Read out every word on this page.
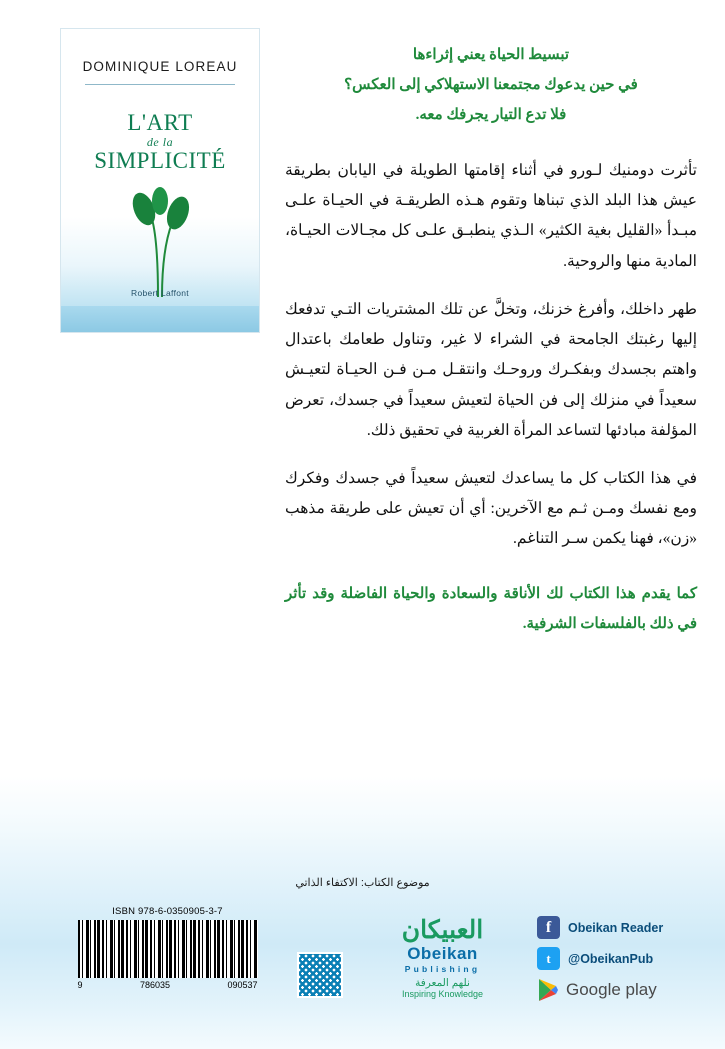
DOMINIQUE LOREAU
L'ART
de la
SIMPLICITÉ
Robert Laffont
تبسيط الحياة يعني إثراءها
في حين يدعوك مجتمعنا الاستهلاكي إلى العكس؟
فلا تدع التيار يجرفك معه.

تأثرت دومنيك لـورو في أثناء إقامتها الطويلة في اليابان بطريقة عيش هذا البلد الذي تبناها وتقوم هـذه الطريقـة في الحيـاة علـى مبـدأ «القليل بغية الكثير» الـذي ينطبـق علـى كل مجـالات الحيـاة، المادية منها والروحية.

طهر داخلك، وأفرغ خزنك، وتخلَّ عن تلك المشتريات التـي تدفعك إليها رغبتك الجامحة في الشراء لا غير، وتناول طعامك باعتدال واهتم بجسدك وبفكـرك وروحـك وانتقـل مـن فـن الحيـاة لتعيـش سعيداً في منزلك إلى فن الحياة لتعيش سعيداً في جسدك، تعرض المؤلفة مبادئها لتساعد المرأة الغربية في تحقيق ذلك.

في هذا الكتاب كل ما يساعدك لتعيش سعيداً في جسدك وفكرك ومع نفسك ومـن ثـم مع الآخرين: أي أن تعيش على طريقة مذهب «زن»، فهنا يكمن سـر التناغم.

كما يقدم هذا الكتاب لك الأناقة والسعادة والحياة الفاضلة وقد تأثر في ذلك بالفلسفات الشرفية.
موضوع الكتاب: الاكتفاء الذاتي
ISBN 978-6-0350905-3-7
9	786035	090537
العبيكان
Obeikan
Publishing
نلهم المعرفة
Inspiring Knowledge
f	Obeikan Reader
t	@ObeikanPub
Google play
